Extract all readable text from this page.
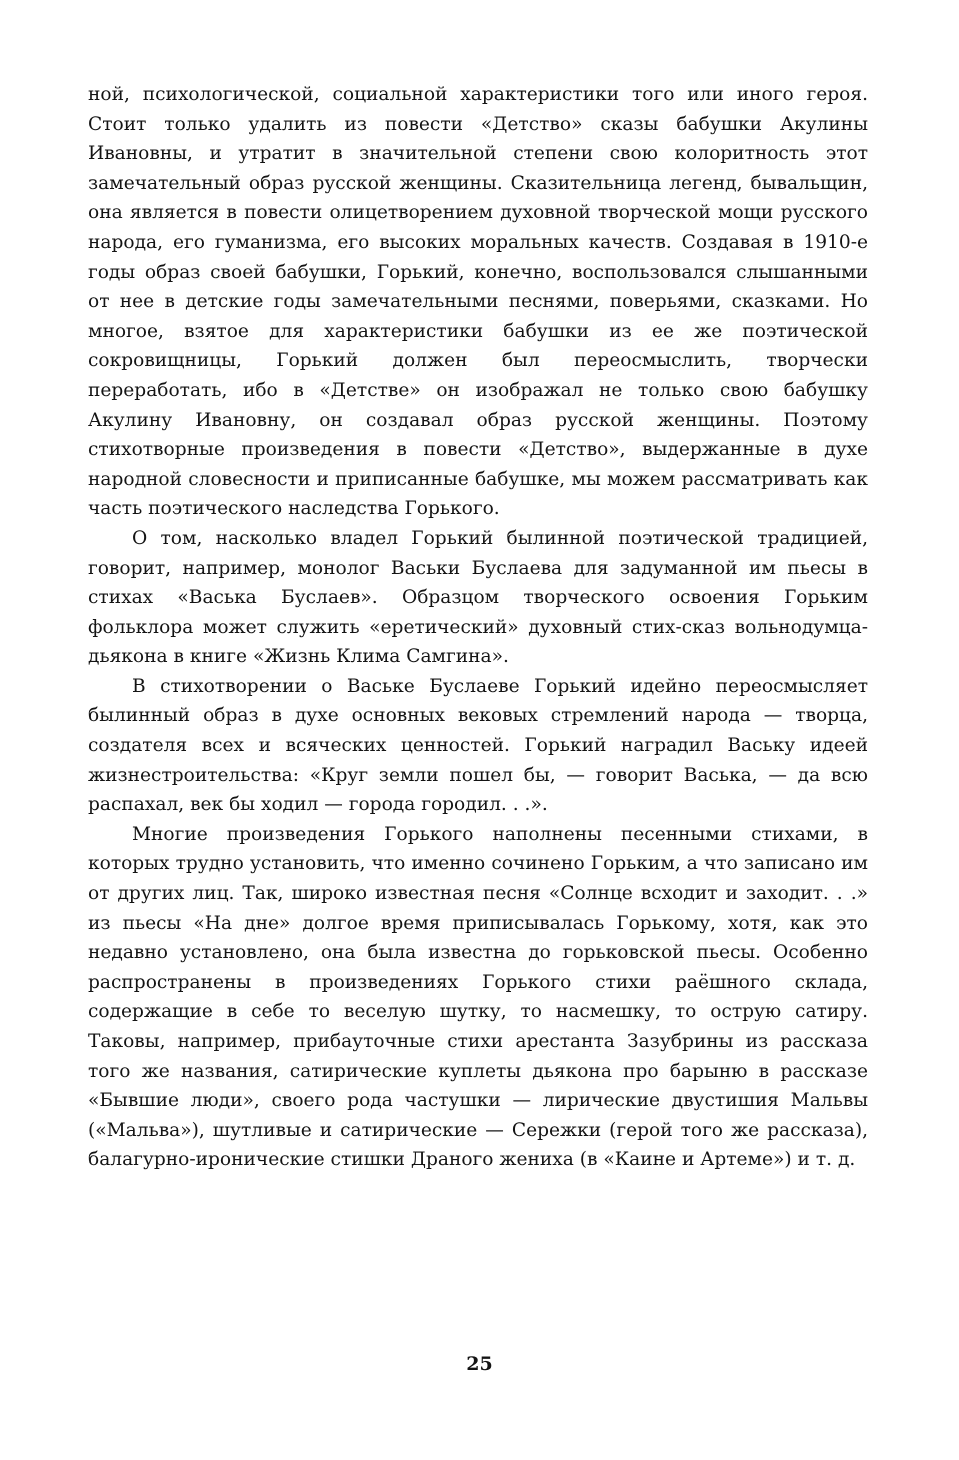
ной, психологической, социальной характеристики того или иного героя. Стоит только удалить из повести «Детство» сказы бабушки Акулины Ивановны, и утратит в значительной степени свою колоритность этот замечательный образ русской женщины. Сказительница легенд, бывальщин, она является в повести олицетворением духовной творческой мощи русского народа, его гуманизма, его высоких моральных качеств. Создавая в 1910-е годы образ своей бабушки, Горький, конечно, воспользовался слышанными от нее в детские годы замечательными песнями, поверьями, сказками. Но многое, взятое для характеристики бабушки из ее же поэтической сокровищницы, Горький должен был переосмыслить, творчески переработать, ибо в «Детстве» он изображал не только свою бабушку Акулину Ивановну, он создавал образ русской женщины. Поэтому стихотворные произведения в повести «Детство», выдержанные в духе народной словесности и приписанные бабушке, мы можем рассматривать как часть поэтического наследства Горького.

О том, насколько владел Горький былинной поэтической традицией, говорит, например, монолог Васьки Буслаева для задуманной им пьесы в стихах «Васька Буслаев». Образцом творческого освоения Горьким фольклора может служить «еретический» духовный стих-сказ вольнодумца-дьякона в книге «Жизнь Клима Самгина».

В стихотворении о Ваське Буслаеве Горький идейно переосмысляет былинный образ в духе основных вековых стремлений народа — творца, создателя всех и всяческих ценностей. Горький наградил Ваську идеей жизнестроительства: «Круг земли пошел бы, — говорит Васька, — да всю распахал, век бы ходил — города городил. . .».

Многие произведения Горького наполнены песенными стихами, в которых трудно установить, что именно сочинено Горьким, а что записано им от других лиц. Так, широко известная песня «Солнце всходит и заходит. . .» из пьесы «На дне» долгое время приписывалась Горькому, хотя, как это недавно установлено, она была известна до горьковской пьесы. Особенно распространены в произведениях Горького стихи раёшного склада, содержащие в себе то веселую шутку, то насмешку, то острую сатиру. Таковы, например, прибауточные стихи арестанта Зазубрины из рассказа того же названия, сатирические куплеты дьякона про барыню в рассказе «Бывшие люди», своего рода частушки — лирические двустишия Мальвы («Мальва»), шутливые и сатирические — Сережки (герой того же рассказа), балагурно-иронические стишки Драного жениха (в «Каине и Артеме») и т. д.

25
